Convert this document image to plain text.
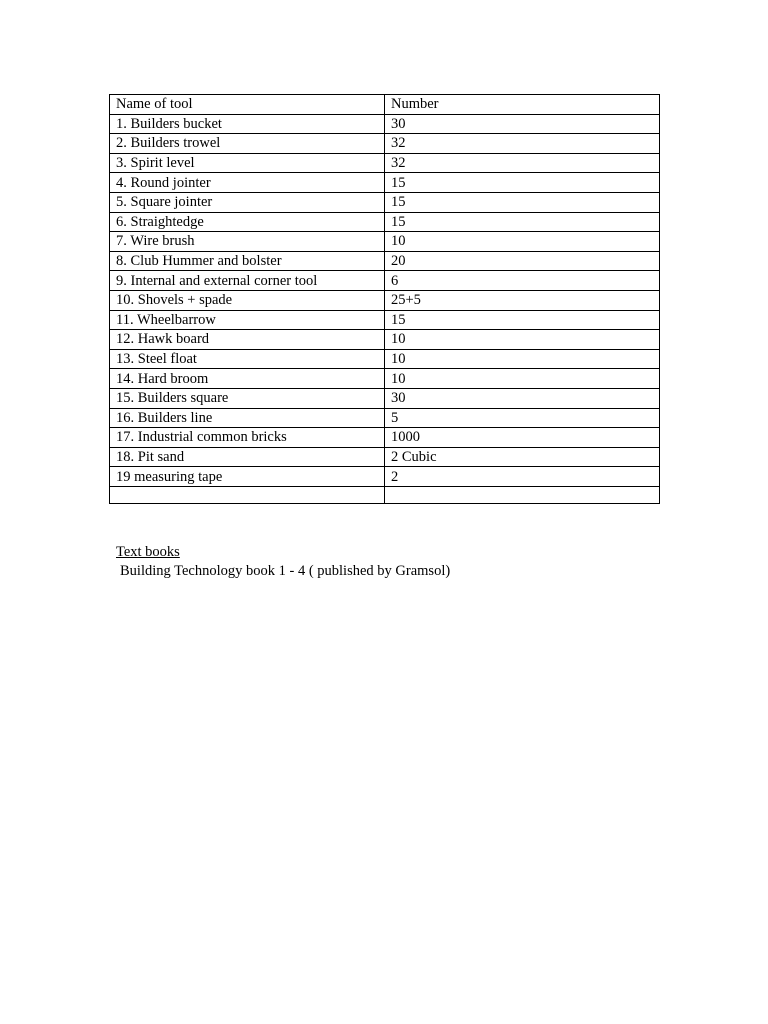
Name of tool	Number
1. Builders bucket	30
2. Builders trowel	32
3. Spirit level	32
4. Round jointer	15
5. Square jointer	15
6. Straightedge	15
7. Wire brush	10
8. Club Hummer and bolster	20
9. Internal and external corner tool	6
10. Shovels + spade	25+5
11. Wheelbarrow	15
12. Hawk board	10
13. Steel float	10
14. Hard broom	10
15. Builders square	30
16. Builders line	5
17. Industrial common bricks	1000
18. Pit sand	2 Cubic
19 measuring tape	2

Text books
Building Technology book 1 - 4 ( published by Gramsol)
